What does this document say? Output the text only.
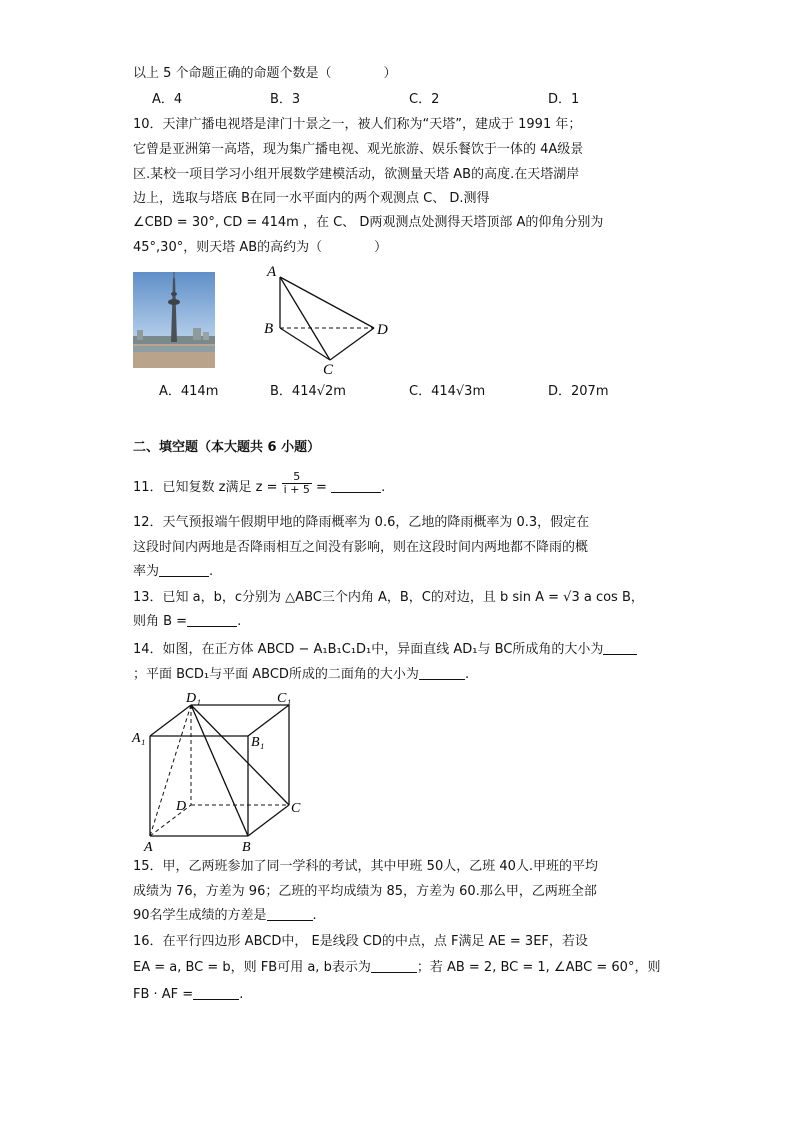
以上 5 个命题正确的命题个数是（　　　　）
A．4	B．3	C．2	D．1
10．天津广播电视塔是津门十景之一，被人们称为“天塔”，建成于 1991 年；
它曾是亚洲第一高塔，现为集广播电视、观光旅游、娱乐餐饮于一体的 4A级景
区.某校一项目学习小组开展数学建模活动，欲测量天塔 AB的高度.在天塔湖岸
边上，选取与塔底 B在同一水平面内的两个观测点 C、 D.测得
∠CBD = 30°, CD = 414m ，在 C、 D两观测点处测得天塔顶部 A的仰角分别为
45°,30°，则天塔 AB的高约为（　　　　）
A
B
C
D
A．414m	B．414√2m	C．414√3m	D．207m
二、填空题（本大题共 6 小题）
11．已知复数 z满足 $z = \frac{5}{i + 5}$ =	.
12．天气预报端午假期甲地的降雨概率为 0.6，乙地的降雨概率为 0.3，假定在
这段时间内两地是否降雨相互之间没有影响，则在这段时间内两地都不降雨的概
率为	.
13．已知 a，b，c分别为 △ABC三个内角 A，B，C的对边，且 b sin A = √3 a cos B，
则角 B =	.
14．如图，在正方体 ABCD − A₁B₁C₁D₁中，异面直线 AD₁与 BC所成角的大小为
；平面 BCD₁与平面 ABCD所成的二面角的大小为	.
D₁	C₁
A₁	B₁
D	C
A	B
15．甲，乙两班参加了同一学科的考试，其中甲班 50人，乙班 40人.甲班的平均
成绩为 76，方差为 96；乙班的平均成绩为 85，方差为 60.那么甲，乙两班全部
90名学生成绩的方差是	.
16．在平行四边形 ABCD中， E是线段 CD的中点，点 F满足 AE = 3EF，若设
EA = a, BC = b，则 FB可用 a, b表示为	；若 AB = 2, BC = 1, ∠ABC = 60°，则
FB · AF =	.
